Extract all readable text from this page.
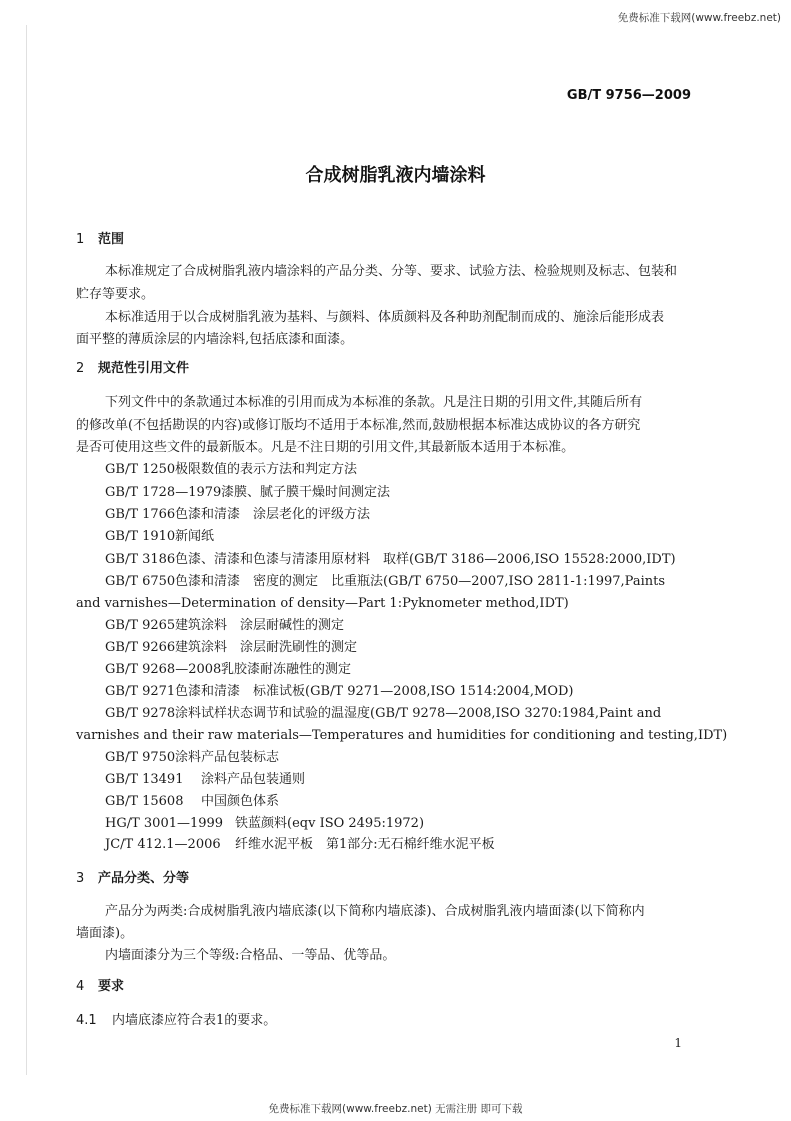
免费标准下载网(www.freebz.net)
GB/T 9756—2009
合成树脂乳液内墙涂料
1 范围
本标准规定了合成树脂乳液内墙涂料的产品分类、分等、要求、试验方法、检验规则及标志、包装和
贮存等要求。
本标准适用于以合成树脂乳液为基料、与颜料、体质颜料及各种助剂配制而成的、施涂后能形成表
面平整的薄质涂层的内墙涂料,包括底漆和面漆。
2 规范性引用文件
下列文件中的条款通过本标准的引用而成为本标准的条款。凡是注日期的引用文件,其随后所有
的修改单(不包括勘误的内容)或修订版均不适用于本标准,然而,鼓励根据本标准达成协议的各方研究
是否可使用这些文件的最新版本。凡是不注日期的引用文件,其最新版本适用于本标准。
GB/T 1250极限数值的表示方法和判定方法
GB/T 1728—1979漆膜、腻子膜干燥时间测定法
GB/T 1766色漆和清漆　涂层老化的评级方法
GB/T 1910新闻纸
GB/T 3186色漆、清漆和色漆与清漆用原材料　取样(GB/T 3186—2006,ISO 15528:2000,IDT)
GB/T 6750色漆和清漆　密度的测定　比重瓶法(GB/T 6750—2007,ISO 2811-1:1997,Paints
and varnishes—Determination of density—Part 1:Pyknometer method,IDT)
GB/T 9265建筑涂料　涂层耐碱性的测定
GB/T 9266建筑涂料　涂层耐洗刷性的测定
GB/T 9268—2008乳胶漆耐冻融性的测定
GB/T 9271色漆和清漆　标准试板(GB/T 9271—2008,ISO 1514:2004,MOD)
GB/T 9278涂料试样状态调节和试验的温湿度(GB/T 9278—2008,ISO 3270:1984,Paint and
varnishes and their raw materials—Temperatures and humidities for conditioning and testing,IDT)
GB/T 9750涂料产品包装标志
GB/T 13491 涂料产品包装通则
GB/T 15608 中国颜色体系
HG/T 3001—1999 铁蓝颜料(eqv ISO 2495:1972)
JC/T 412.1—2006 纤维水泥平板　第1部分:无石棉纤维水泥平板
3 产品分类、分等
产品分为两类:合成树脂乳液内墙底漆(以下简称内墙底漆)、合成树脂乳液内墙面漆(以下简称内
墙面漆)。
内墙面漆分为三个等级:合格品、一等品、优等品。
4 要求
4.1 内墙底漆应符合表1的要求。
1
免费标准下载网(www.freebz.net) 无需注册 即可下载
